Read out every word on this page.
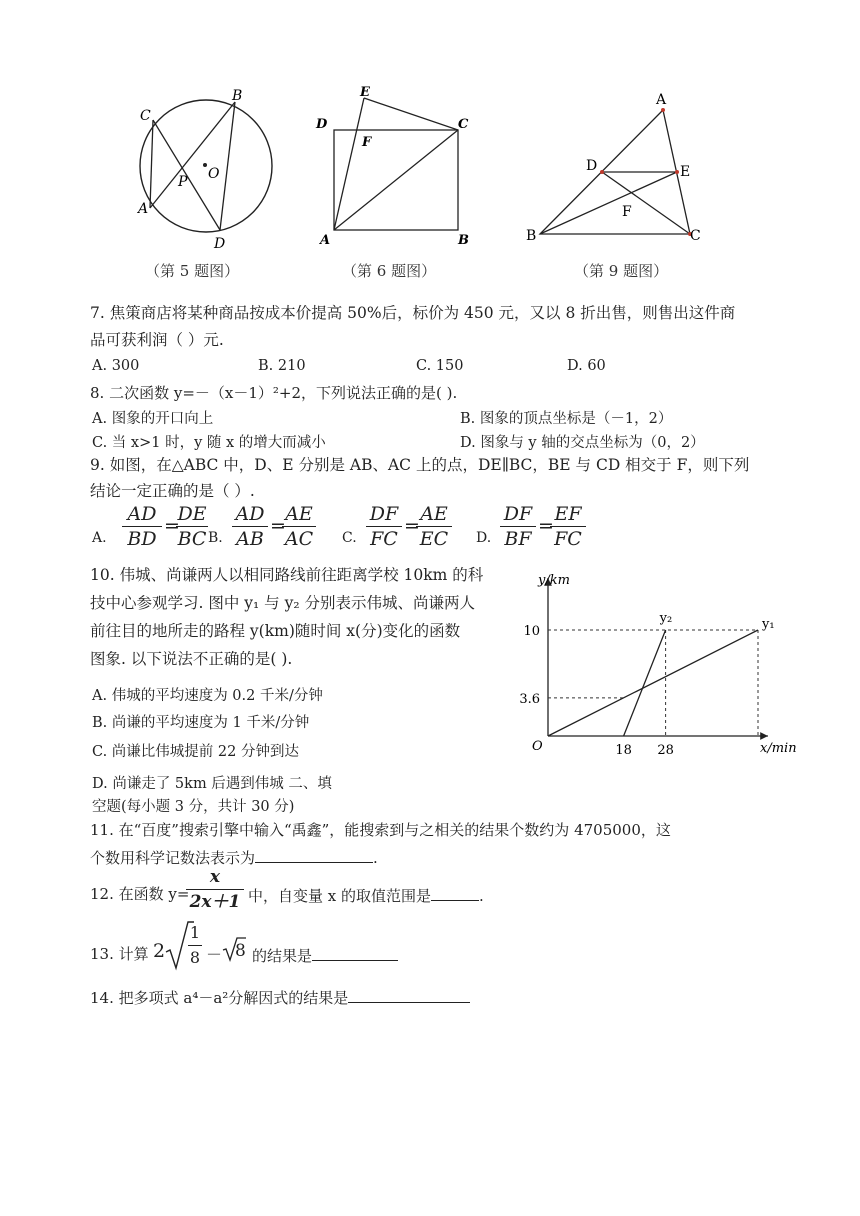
C
B
A
D
O
P
（第 5 题图）
E
D	C
F
A	B
（第 6 题图）
A
D	E
F
B	C
（第 9 题图）
7. 焦策商店将某种商品按成本价提高 50%后，标价为 450 元，又以 8 折出售，则售出这件商
品可获利润（ ）元.
A. 300	B. 210	C. 150	D. 60
8. 二次函数 y=－（x－1）²+2，下列说法正确的是( ).
A. 图象的开口向上	B. 图象的顶点坐标是（－1，2）
C. 当 x>1 时，y 随 x 的增大而减小	D. 图象与 y 轴的交点坐标为（0，2）
9. 如图，在△ABC 中，D、E 分别是 AB、AC 上的点，DE∥BC，BE 与 CD 相交于 F，则下列
结论一定正确的是（ ）.
A.
AD
BD
=
DE
BC B.
AD
AB
=
AE
AC C.
DF
FC
=
AE
EC D.
DF
BF
=
EF
FC
10. 伟城、尚谦两人以相同路线前往距离学校 10km 的科
技中心参观学习. 图中 y₁ 与 y₂ 分别表示伟城、尚谦两人
前往目的地所走的路程 y(km)随时间 x(分)变化的函数
图象. 以下说法不正确的是( ).
A. 伟城的平均速度为 0.2 千米/分钟
B. 尚谦的平均速度为 1 千米/分钟
C. 尚谦比伟城提前 22 分钟到达
D. 尚谦走了 5km 后遇到伟城 二、填
空题(每小题 3 分，共计 30 分)
y/km
x/min
O
10
3.6
18 28
y₂	y₁
11. 在“百度”搜索引擎中输入“禹鑫”，能搜索到与之相关的结果个数约为 4705000，这
个数用科学记数法表示为	.
12. 在函数 y=
x
2x＋1 中，自变量 x 的取值范围是	.
13. 计算 2
1
8 － 8 的结果是
14. 把多项式 a⁴－a²分解因式的结果是
